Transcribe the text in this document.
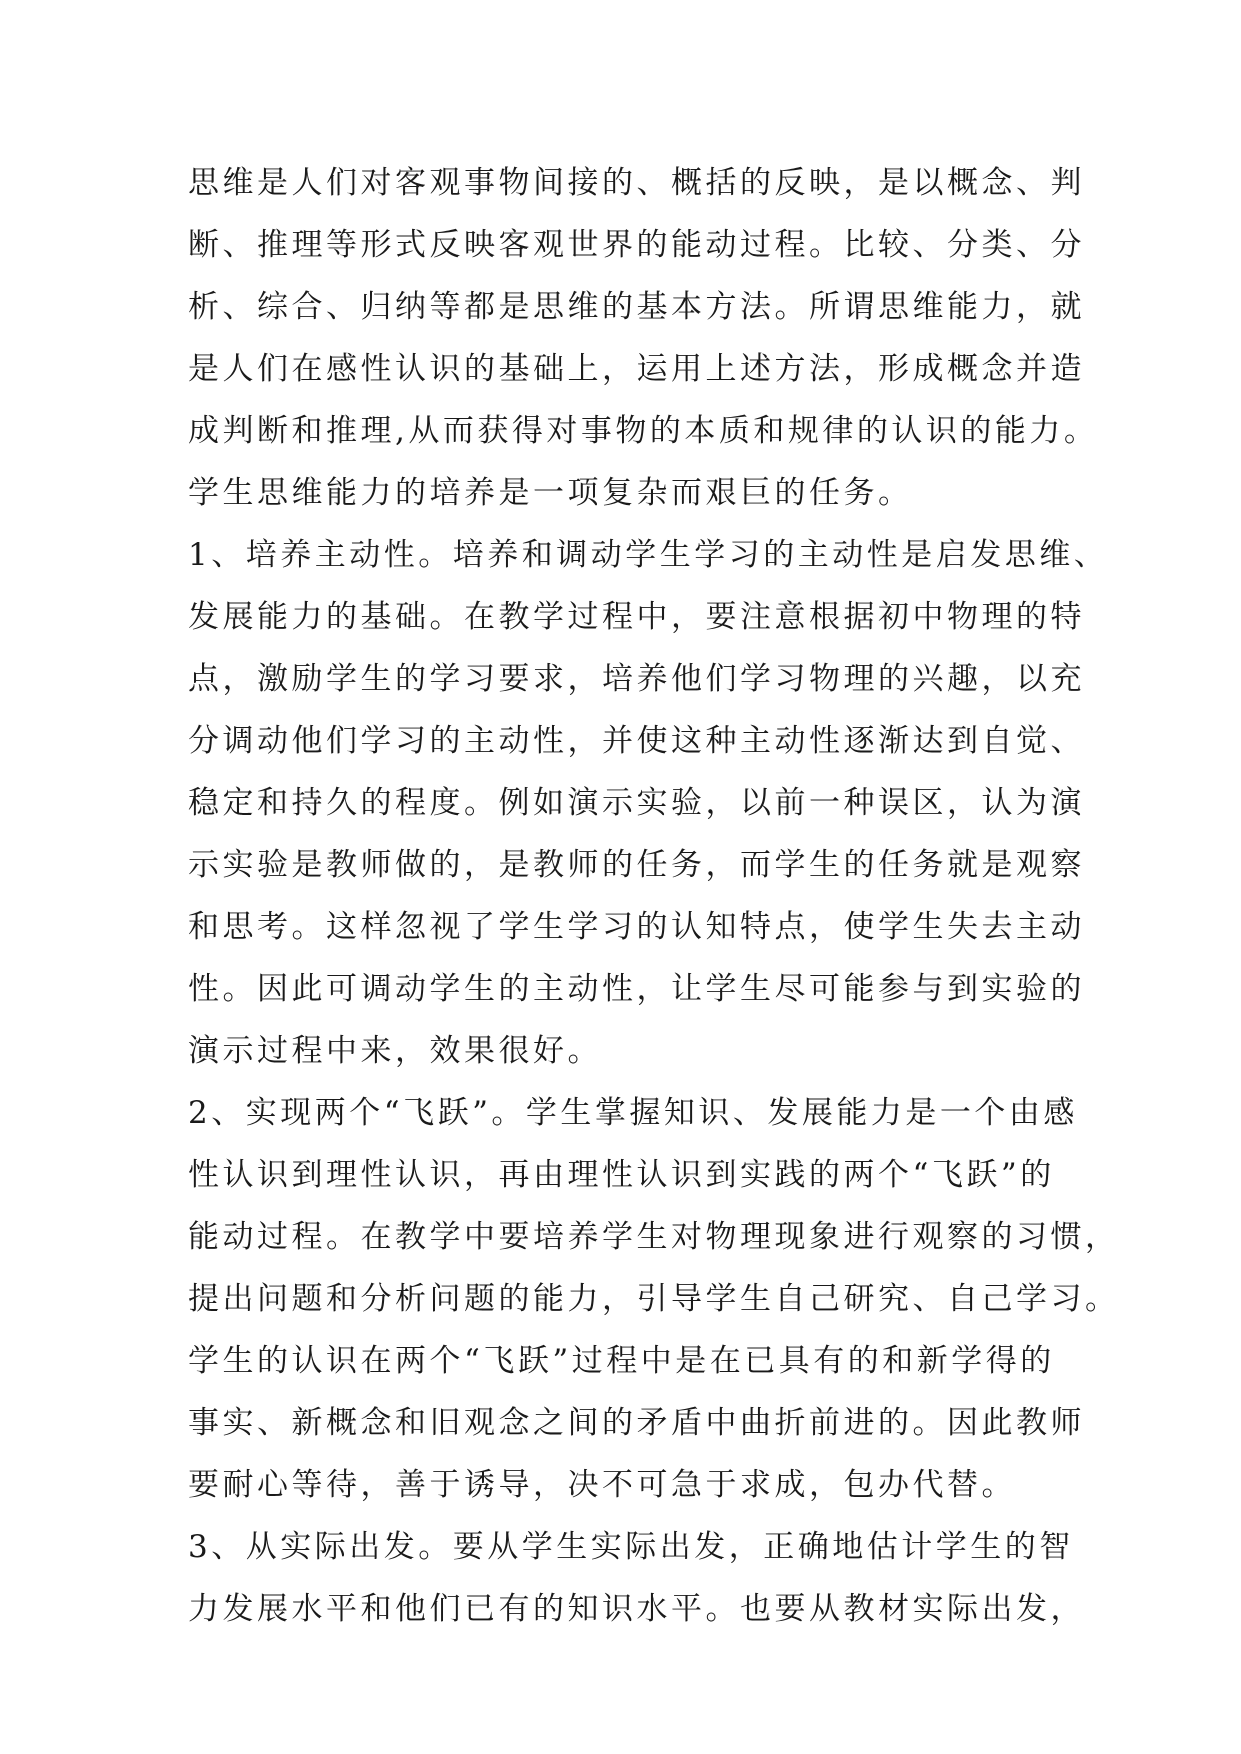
思维是人们对客观事物间接的、概括的反映，是以概念、判
断、推理等形式反映客观世界的能动过程。比较、分类、分
析、综合、归纳等都是思维的基本方法。所谓思维能力，就
是人们在感性认识的基础上，运用上述方法，形成概念并造
成判断和推理,从而获得对事物的本质和规律的认识的能力。
学生思维能力的培养是一项复杂而艰巨的任务。
1、培养主动性。培养和调动学生学习的主动性是启发思维、
发展能力的基础。在教学过程中，要注意根据初中物理的特
点，激励学生的学习要求，培养他们学习物理的兴趣，以充
分调动他们学习的主动性，并使这种主动性逐渐达到自觉、
稳定和持久的程度。例如演示实验，以前一种误区，认为演
示实验是教师做的，是教师的任务，而学生的任务就是观察
和思考。这样忽视了学生学习的认知特点，使学生失去主动
性。因此可调动学生的主动性，让学生尽可能参与到实验的
演示过程中来，效果很好。
2、实现两个“飞跃”。学生掌握知识、发展能力是一个由感
性认识到理性认识，再由理性认识到实践的两个“飞跃”的
能动过程。在教学中要培养学生对物理现象进行观察的习惯，
提出问题和分析问题的能力，引导学生自己研究、自己学习。
学生的认识在两个“飞跃”过程中是在已具有的和新学得的
事实、新概念和旧观念之间的矛盾中曲折前进的。因此教师
要耐心等待，善于诱导，决不可急于求成，包办代替。
3、从实际出发。要从学生实际出发，正确地估计学生的智
力发展水平和他们已有的知识水平。也要从教材实际出发，
